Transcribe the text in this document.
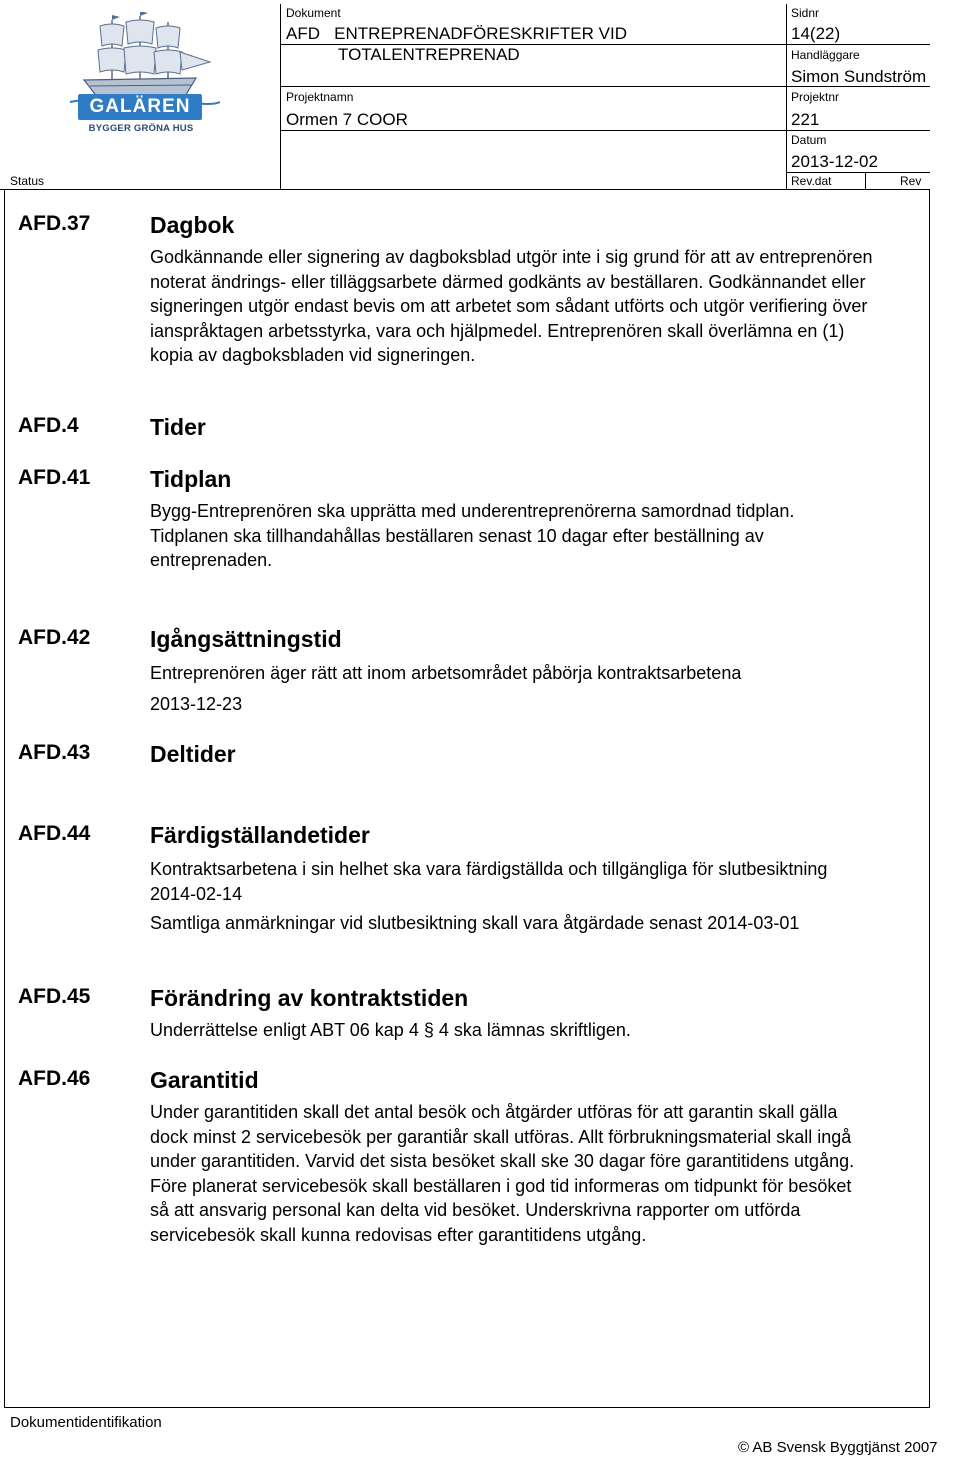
GALÄREN
BYGGER GRÖNA HUS
Dokument
AFD   ENTREPRENADFÖRESKRIFTER VID
TOTALENTREPRENAD
Sidnr
14(22)
Handläggare
Simon Sundström
Projektnamn
Ormen 7 COOR
Projektnr
221
Datum
2013-12-02
Status	Rev.dat	Rev
AFD.37	Dagbok
Godkännande eller signering av dagboksblad utgör inte i sig grund för att av entreprenören noterat ändrings- eller tilläggsarbete därmed godkänts av beställaren. Godkännandet eller signeringen utgör endast bevis om att arbetet som sådant utförts och utgör verifiering över ianspråktagen arbetsstyrka, vara och hjälpmedel. Entreprenören skall överlämna en (1) kopia av dagboksbladen vid signeringen.
AFD.4	Tider
AFD.41	Tidplan
Bygg-Entreprenören ska upprätta med underentreprenörerna samordnad tidplan. Tidplanen ska tillhandahållas beställaren senast 10 dagar efter beställning av entreprenaden.
AFD.42	Igångsättningstid
Entreprenören äger rätt att inom arbetsområdet påbörja kontraktsarbetena
2013-12-23
AFD.43	Deltider
AFD.44	Färdigställandetider
Kontraktsarbetena i sin helhet ska vara färdigställda och tillgängliga för slutbesiktning 2014-02-14
Samtliga anmärkningar vid slutbesiktning skall vara åtgärdade senast 2014-03-01
AFD.45	Förändring av kontraktstiden
Underrättelse enligt ABT 06 kap 4 § 4 ska lämnas skriftligen.
AFD.46	Garantitid
Under garantitiden skall det antal besök och åtgärder utföras för att garantin skall gälla dock minst 2 servicebesök per garantiår skall utföras. Allt förbrukningsmaterial skall ingå under garantitiden. Varvid det sista besöket skall ske 30 dagar före garantitidens utgång. Före planerat servicebesök skall beställaren i god tid informeras om tidpunkt för besöket så att ansvarig personal kan delta vid besöket. Underskrivna rapporter om utförda servicebesök skall kunna redovisas efter garantitidens utgång.
Dokumentidentifikation
© AB Svensk Byggtjänst 2007
